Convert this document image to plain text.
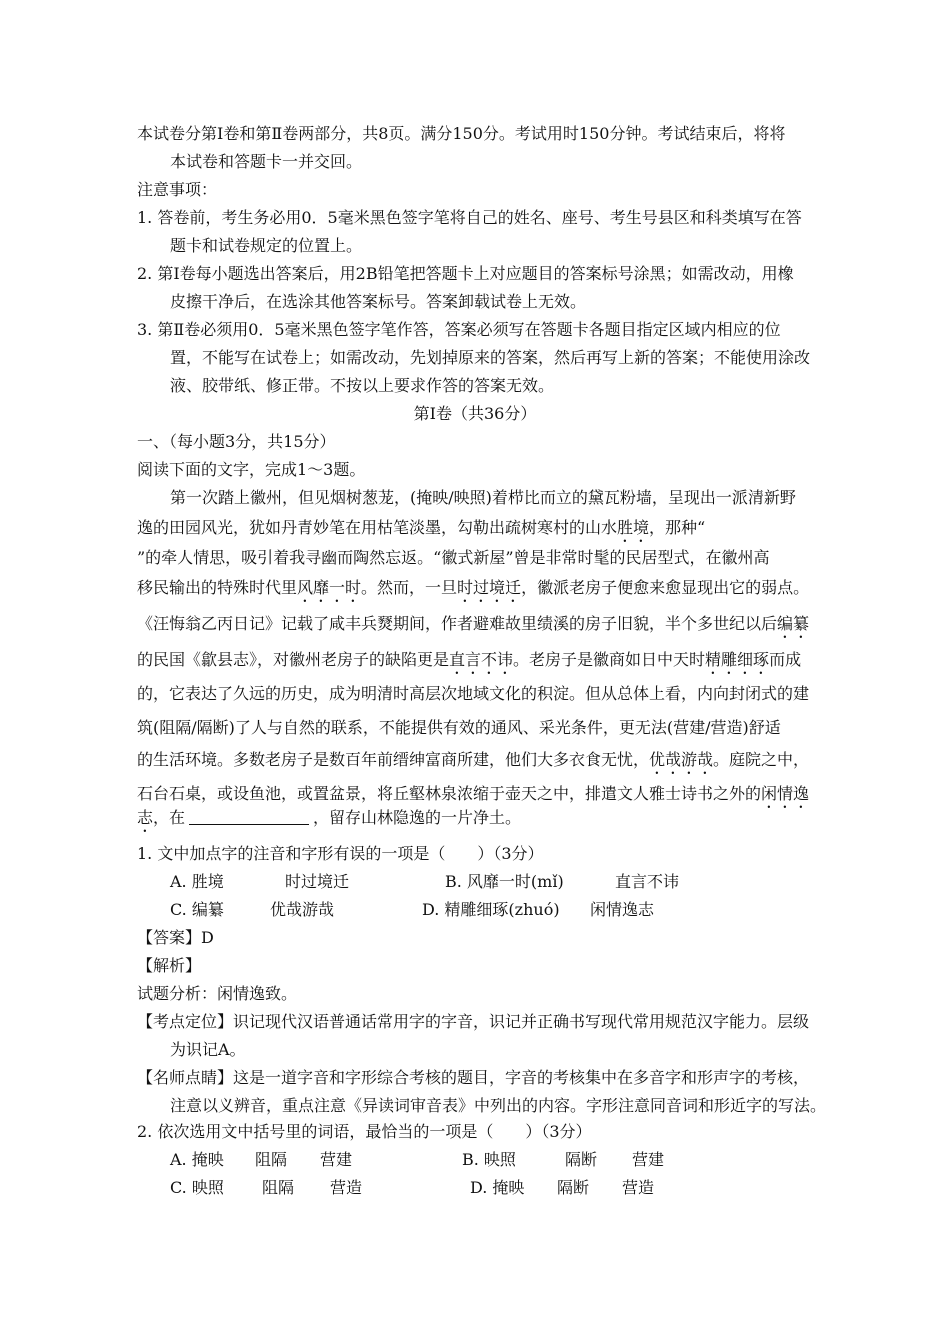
本试卷分第Ⅰ卷和第Ⅱ卷两部分，共8页。满分150分。考试用时150分钟。考试结束后，将将
本试卷和答题卡一并交回。
注意事项：
1. 答卷前，考生务必用0．5毫米黑色签字笔将自己的姓名、座号、考生号县区和科类填写在答
题卡和试卷规定的位置上。
2. 第Ⅰ卷每小题选出答案后，用2B铅笔把答题卡上对应题目的答案标号涂黑；如需改动，用橡
皮擦干净后，在选涂其他答案标号。答案卸载试卷上无效。
3. 第Ⅱ卷必须用0．5毫米黑色签字笔作答，答案必须写在答题卡各题目指定区域内相应的位
置，不能写在试卷上；如需改动，先划掉原来的答案，然后再写上新的答案；不能使用涂改
液、胶带纸、修正带。不按以上要求作答的答案无效。
第Ⅰ卷（共36分）
一、（每小题3分，共15分）
阅读下面的文字，完成1～3题。
第一次踏上徽州，但见烟树葱茏，(掩映/映照)着栉比而立的黛瓦粉墙，呈现出一派清新野
逸的田园风光，犹如丹青妙笔在用枯笔淡墨，勾勒出疏树寒村的山水胜境，那种“
”的牵人情思，吸引着我寻幽而陶然忘返。“徽式新屋”曾是非常时髦的民居型式，在徽州高
移民输出的特殊时代里风靡一时。然而，一旦时过境迁，徽派老房子便愈来愈显现出它的弱点。
《汪悔翁乙丙日记》记载了咸丰兵燹期间，作者避难故里绩溪的房子旧貌，半个多世纪以后编纂
的民国《歙县志》，对徽州老房子的缺陷更是直言不讳。老房子是徽商如日中天时精雕细琢而成
的，它表达了久远的历史，成为明清时高层次地域文化的积淀。但从总体上看，内向封闭式的建
筑(阻隔/隔断)了人与自然的联系，不能提供有效的通风、采光条件，更无法(营建/营造)舒适
的生活环境。多数老房子是数百年前缙绅富商所建，他们大多衣食无忧，优哉游哉。庭院之中，
石台石桌，或设鱼池，或置盆景，将丘壑林泉浓缩于壶天之中，排遣文人雅士诗书之外的闲情逸
志，在	，留存山林隐逸的一片净土。
1. 文中加点字的注音和字形有误的一项是（　　）（3分）
A. 胜境	时过境迁	B. 风靡一时(mǐ)	直言不讳
C. 编纂	优哉游哉	D. 精雕细琢(zhuó) 闲情逸志
【答案】D
【解析】
试题分析：闲情逸致。
【考点定位】识记现代汉语普通话常用字的字音，识记并正确书写现代常用规范汉字能力。层级
为识记A。
【名师点睛】这是一道字音和字形综合考核的题目，字音的考核集中在多音字和形声字的考核，
注意以义辨音，重点注意《异读词审音表》中列出的内容。字形注意同音词和形近字的写法。
2. 依次选用文中括号里的词语，最恰当的一项是（　　）（3分）
A. 掩映 阻隔 营建	B. 映照	隔断 营建
C. 映照 阻隔 营造	D. 掩映 隔断 营造
